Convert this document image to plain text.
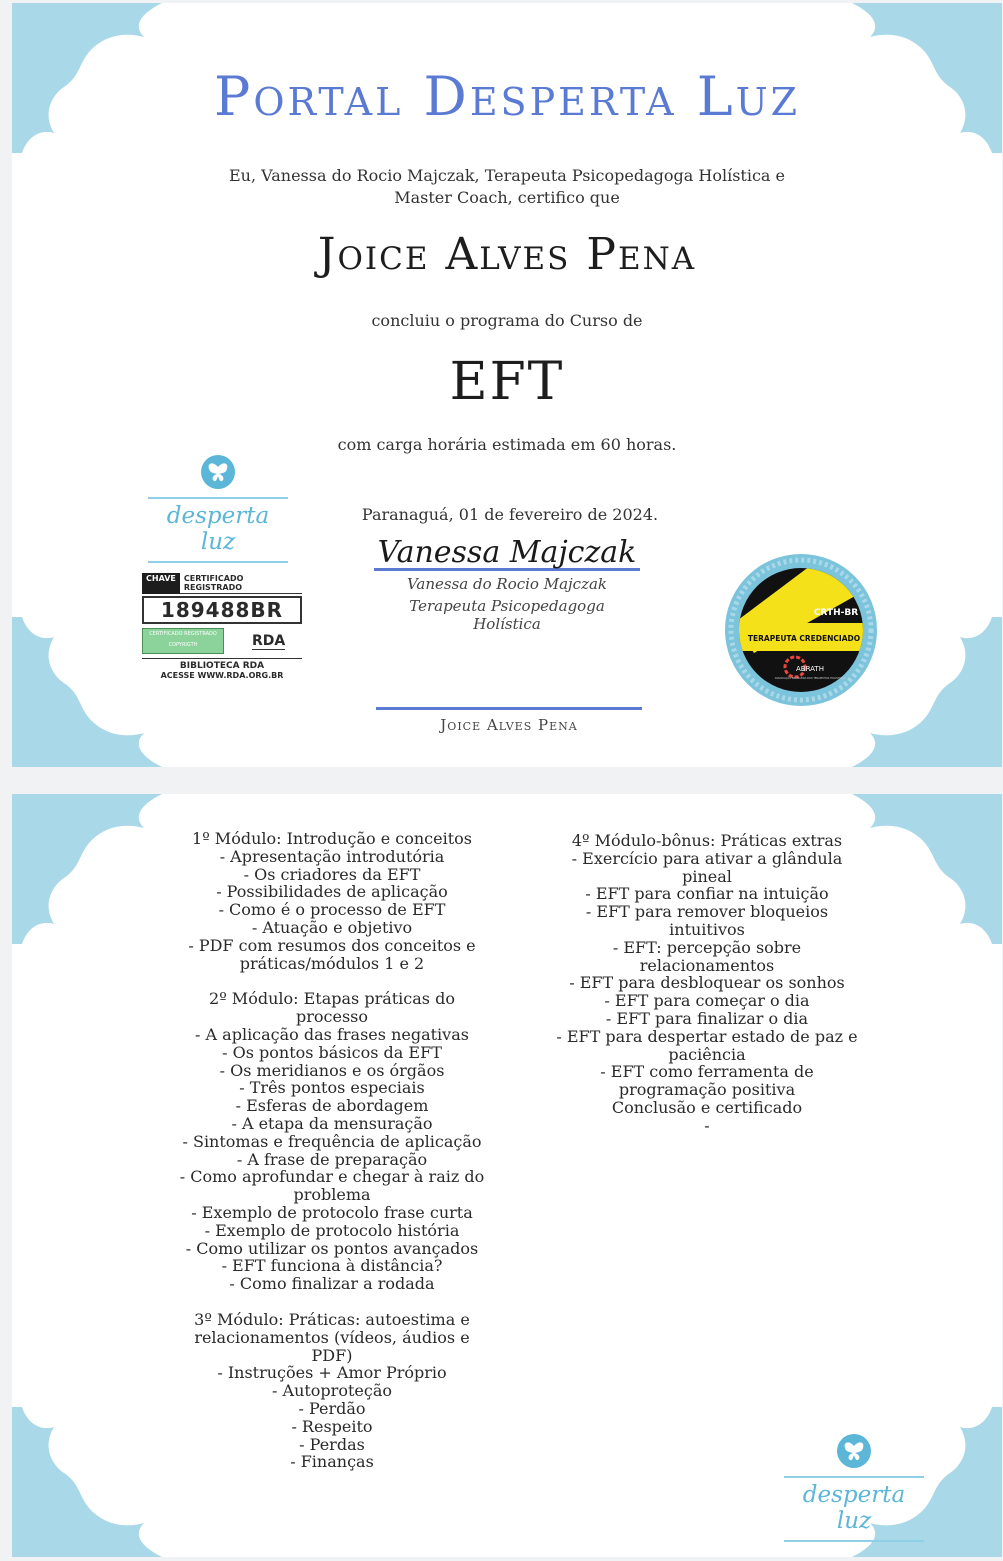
Portal Desperta Luz
Eu, Vanessa do Rocio Majczak, Terapeuta Psicopedagoga Holística e Master Coach, certifico que
Joice Alves Pena
concluiu o programa do Curso de
EFT
com carga horária estimada em 60 horas.
desperta luz
Paranaguá, 01 de fevereiro de 2024.
CHAVE	CERTIFICADO REGISTRADO
189488BR
CERTIFICADO REGISTRADO
COPYRIGTH	RDA
BIBLIOTECA RDA
ACESSE WWW.RDA.ORG.BR
Vanessa Majczak
Vanessa do Rocio Majczak
Terapeuta Psicopedagoga Holística
Joice Alves Pena
CRTH-BR
TERAPEUTA CREDENCIADO
ABRATH
ASSOCIAÇÃO BRASILEIRA DOS TERAPEUTAS HOLÍSTICOS

1º Módulo: Introdução e conceitos
- Apresentação introdutória
- Os criadores da EFT
- Possibilidades de aplicação
- Como é o processo de EFT
- Atuação e objetivo
- PDF com resumos dos conceitos e
práticas/módulos 1 e 2

2º Módulo: Etapas práticas do
processo
- A aplicação das frases negativas
- Os pontos básicos da EFT
- Os meridianos e os órgãos
- Três pontos especiais
- Esferas de abordagem
- A etapa da mensuração
- Sintomas e frequência de aplicação
- A frase de preparação
- Como aprofundar e chegar à raiz do
problema
- Exemplo de protocolo frase curta
- Exemplo de protocolo história
- Como utilizar os pontos avançados
- EFT funciona à distância?
- Como finalizar a rodada

3º Módulo: Práticas: autoestima e
relacionamentos (vídeos, áudios e
PDF)
- Instruções + Amor Próprio
- Autoproteção
- Perdão
- Respeito
- Perdas
- Finanças

4º Módulo-bônus: Práticas extras
- Exercício para ativar a glândula
pineal
- EFT para confiar na intuição
- EFT para remover bloqueios
intuitivos
- EFT: percepção sobre
relacionamentos
- EFT para desbloquear os sonhos
- EFT para começar o dia
- EFT para finalizar o dia
- EFT para despertar estado de paz e
paciência
- EFT como ferramenta de
programação positiva
Conclusão e certificado
-

desperta luz
